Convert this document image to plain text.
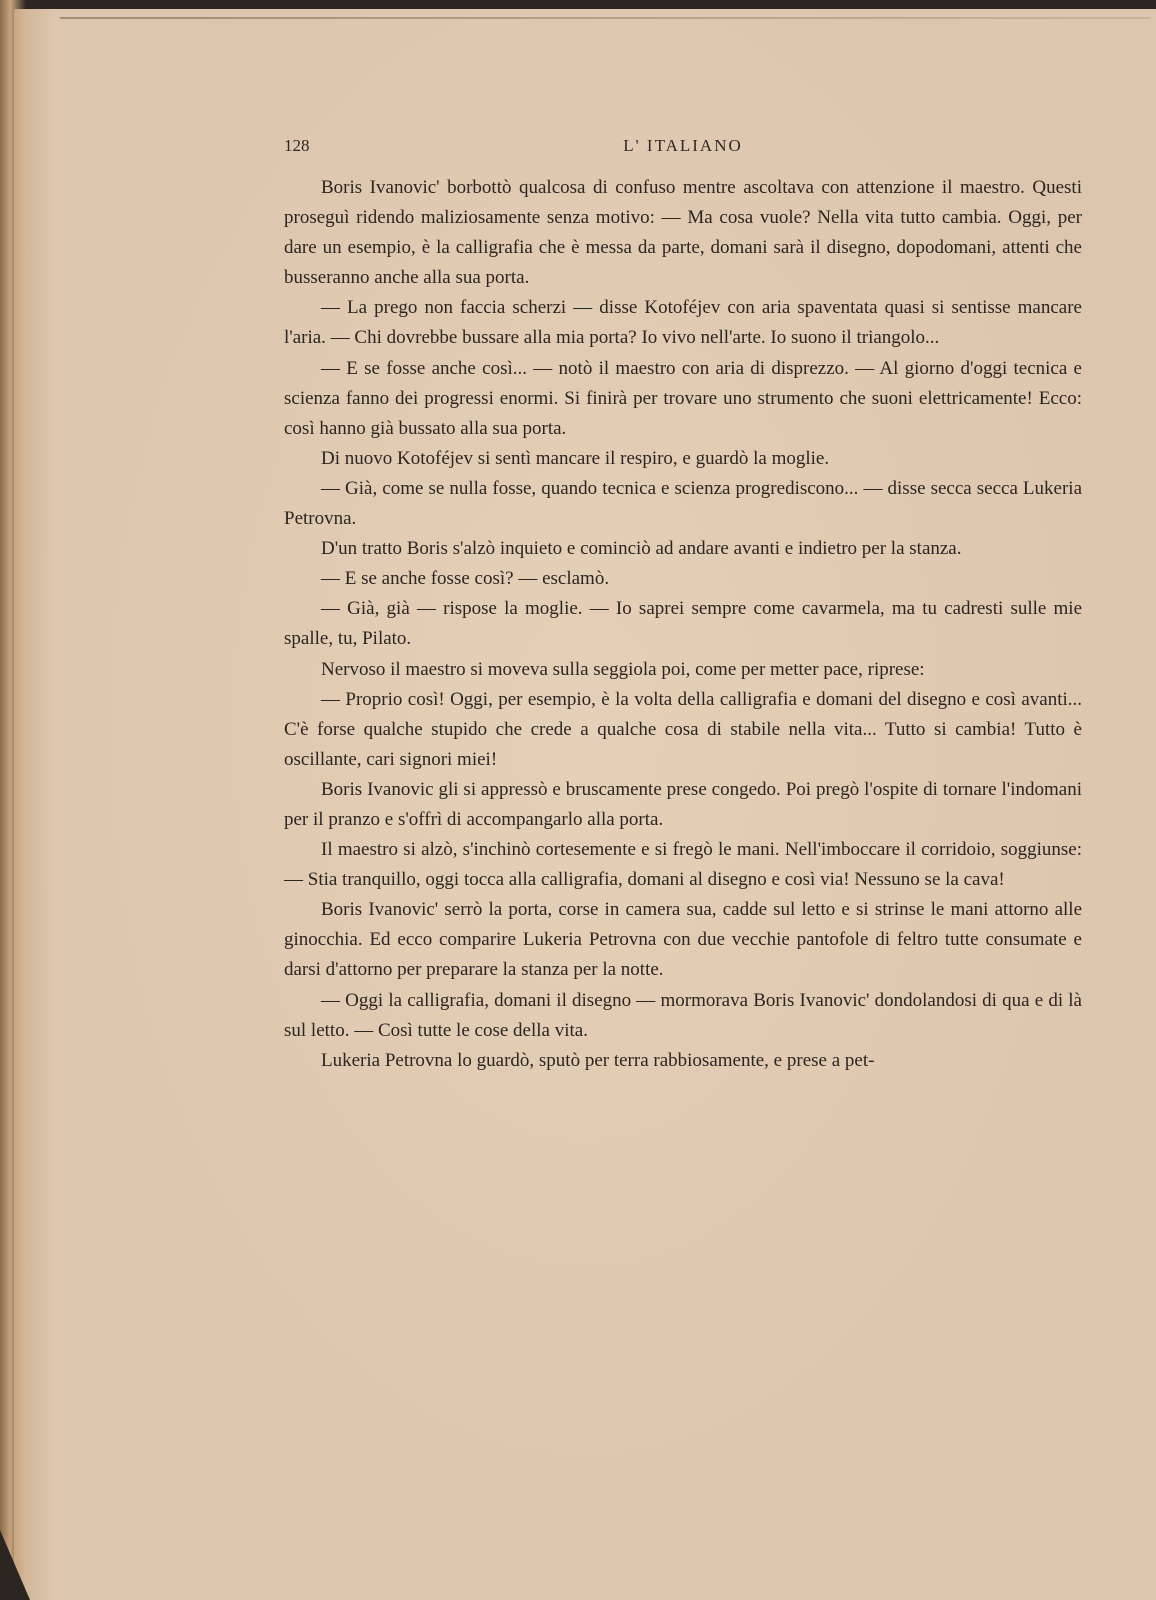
128	L' ITALIANO

Boris Ivanovic' borbottò qualcosa di confuso mentre ascoltava con attenzione il maestro. Questi proseguì ridendo maliziosamente senza motivo: — Ma cosa vuole? Nella vita tutto cambia. Oggi, per dare un esempio, è la calligrafia che è messa da parte, domani sarà il disegno, dopodomani, attenti che busseranno anche alla sua porta.

— La prego non faccia scherzi — disse Kotoféjev con aria spaventata quasi si sentisse mancare l'aria. — Chi dovrebbe bussare alla mia porta? Io vivo nell'arte. Io suono il triangolo...

— E se fosse anche così... — notò il maestro con aria di disprezzo. — Al giorno d'oggi tecnica e scienza fanno dei progressi enormi. Si finirà per trovare uno strumento che suoni elettricamente! Ecco: così hanno già bussato alla sua porta.

Di nuovo Kotoféjev si sentì mancare il respiro, e guardò la moglie.

— Già, come se nulla fosse, quando tecnica e scienza progrediscono... — disse secca secca Lukeria Petrovna.

D'un tratto Boris s'alzò inquieto e cominciò ad andare avanti e indietro per la stanza.

— E se anche fosse così? — esclamò.

— Già, già — rispose la moglie. — Io saprei sempre come cavarmela, ma tu cadresti sulle mie spalle, tu, Pilato.

Nervoso il maestro si moveva sulla seggiola poi, come per metter pace, riprese:

— Proprio così! Oggi, per esempio, è la volta della calligrafia e domani del disegno e così avanti... C'è forse qualche stupido che crede a qualche cosa di stabile nella vita... Tutto si cambia! Tutto è oscillante, cari signori miei!

Boris Ivanovic gli si appressò e bruscamente prese congedo. Poi pregò l'ospite di tornare l'indomani per il pranzo e s'offrì di accompangarlo alla porta.

Il maestro si alzò, s'inchinò cortesemente e si fregò le mani. Nell'imboccare il corridoio, soggiunse: — Stia tranquillo, oggi tocca alla calligrafia, domani al disegno e così via! Nessuno se la cava!

Boris Ivanovic' serrò la porta, corse in camera sua, cadde sul letto e si strinse le mani attorno alle ginocchia. Ed ecco comparire Lukeria Petrovna con due vecchie pantofole di feltro tutte consumate e darsi d'attorno per preparare la stanza per la notte.

— Oggi la calligrafia, domani il disegno — mormorava Boris Ivanovic' dondolandosi di qua e di là sul letto. — Così tutte le cose della vita.

Lukeria Petrovna lo guardò, sputò per terra rabbiosamente, e prese a pet-
